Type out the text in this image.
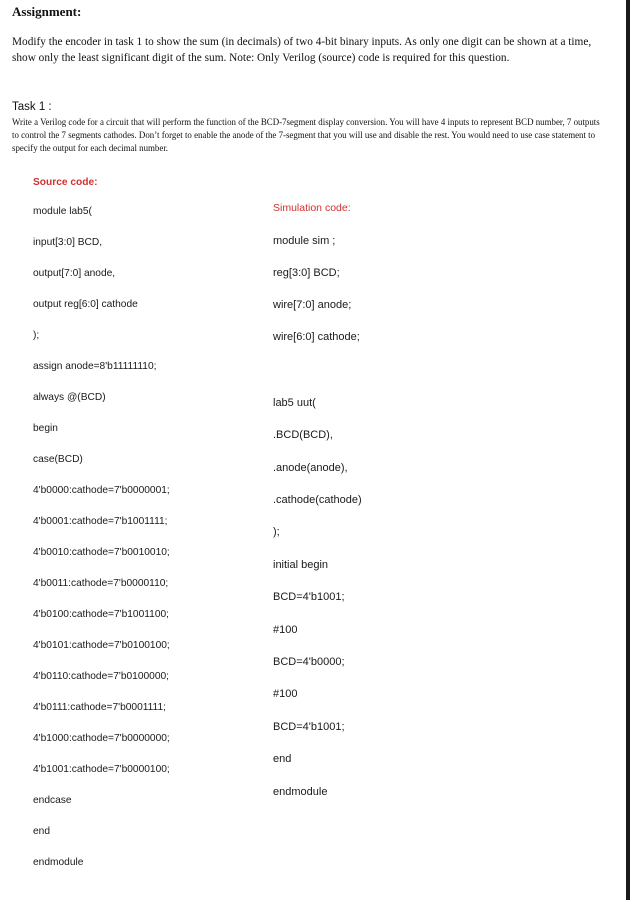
Assignment:
Modify the encoder in task 1 to show the sum (in decimals) of two 4-bit binary inputs. As only one digit can be shown at a time, show only the least significant digit of the sum. Note: Only Verilog (source) code is required for this question.
Task 1 :
Write a Verilog code for a circuit that will perform the function of the BCD-7segment display conversion. You will have 4 inputs to represent BCD number, 7 outputs to control the 7 segments cathodes. Don’t forget to enable the anode of the 7-segment that you will use and disable the rest. You would need to use case statement to specify the output for each decimal number.
Source code:
module lab5(
input[3:0] BCD,
output[7:0] anode,
output reg[6:0] cathode
);
assign anode=8'b11111110;
always @(BCD)
begin
case(BCD)
4'b0000:cathode=7'b0000001;
4'b0001:cathode=7'b1001111;
4'b0010:cathode=7'b0010010;
4'b0011:cathode=7'b0000110;
4'b0100:cathode=7'b1001100;
4'b0101:cathode=7'b0100100;
4'b0110:cathode=7'b0100000;
4'b0111:cathode=7'b0001111;
4'b1000:cathode=7'b0000000;
4'b1001:cathode=7'b0000100;
endcase
end
endmodule
Simulation code:
module sim ;
reg[3:0] BCD;
wire[7:0] anode;
wire[6:0] cathode;
lab5 uut(
.BCD(BCD),
.anode(anode),
.cathode(cathode)
);
initial begin
BCD=4'b1001;
#100
BCD=4'b0000;
#100
BCD=4'b1001;
end
endmodule
